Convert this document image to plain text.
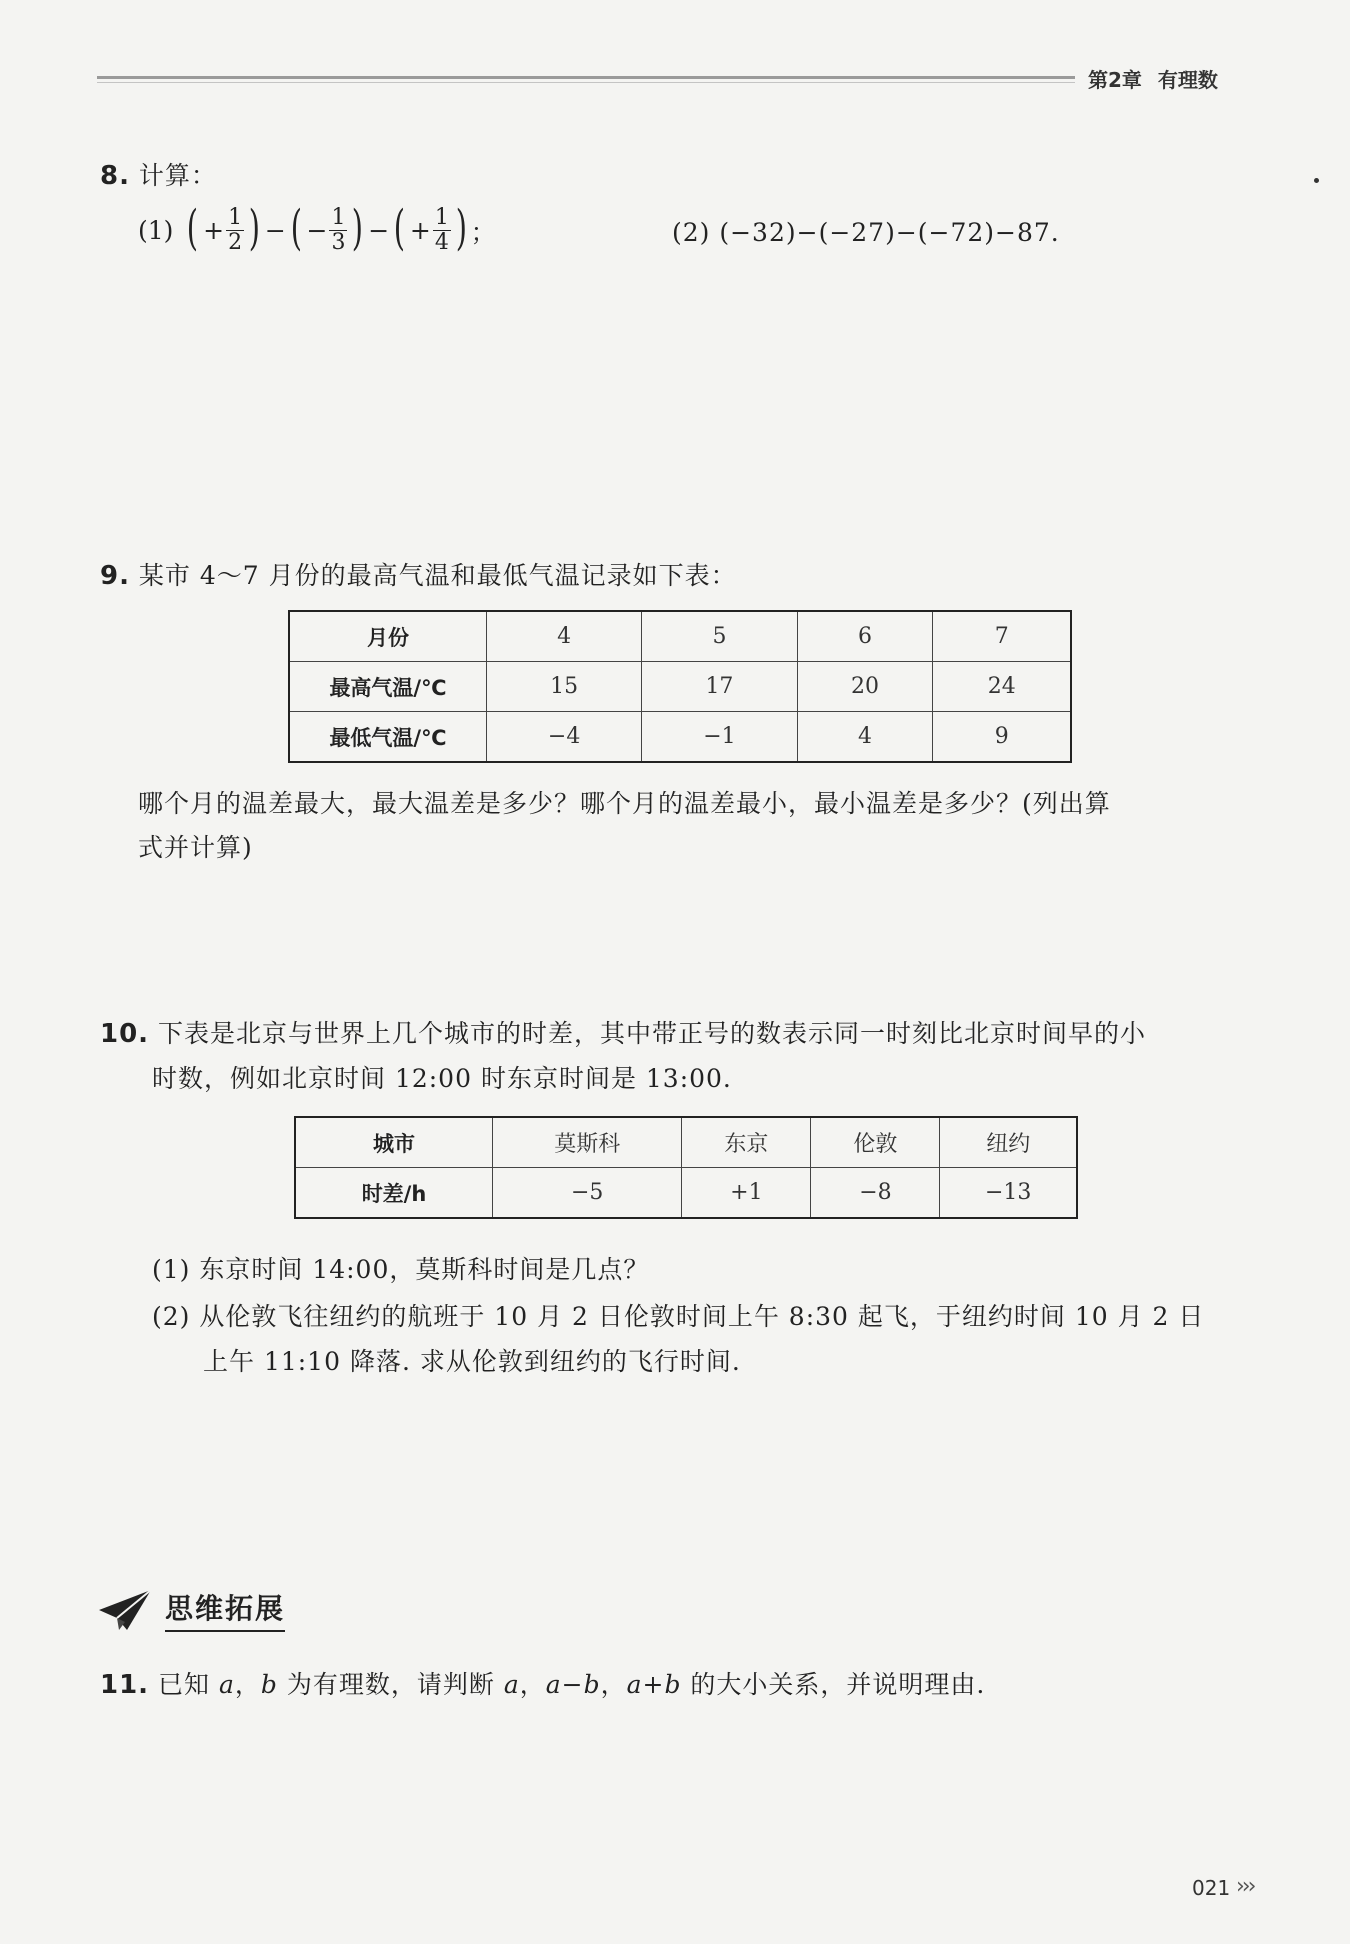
第2章 有理数
8. 计算：
(1) ( + $\frac{1}{2}$ ) − ( − $\frac{1}{3}$ ) − ( + $\frac{1}{4}$ ) ；	(2) (−32)−(−27)−(−72)−87.
9. 某市 4～7 月份的最高气温和最低气温记录如下表：
月份	4	5	6	7
最高气温/℃	15	17	20	24
最低气温/℃	−4	−1	4	9
哪个月的温差最大，最大温差是多少？哪个月的温差最小，最小温差是多少？(列出算
式并计算)
10. 下表是北京与世界上几个城市的时差，其中带正号的数表示同一时刻比北京时间早的小
时数，例如北京时间 12:00 时东京时间是 13:00.
城市	莫斯科	东京	伦敦	纽约
时差/h	−5	+1	−8	−13
(1) 东京时间 14:00，莫斯科时间是几点？
(2) 从伦敦飞往纽约的航班于 10 月 2 日伦敦时间上午 8:30 起飞，于纽约时间 10 月 2 日
上午 11:10 降落. 求从伦敦到纽约的飞行时间.
思维拓展
11. 已知 a，b 为有理数，请判断 a，a−b，a+b 的大小关系，并说明理由.
021 ›››
